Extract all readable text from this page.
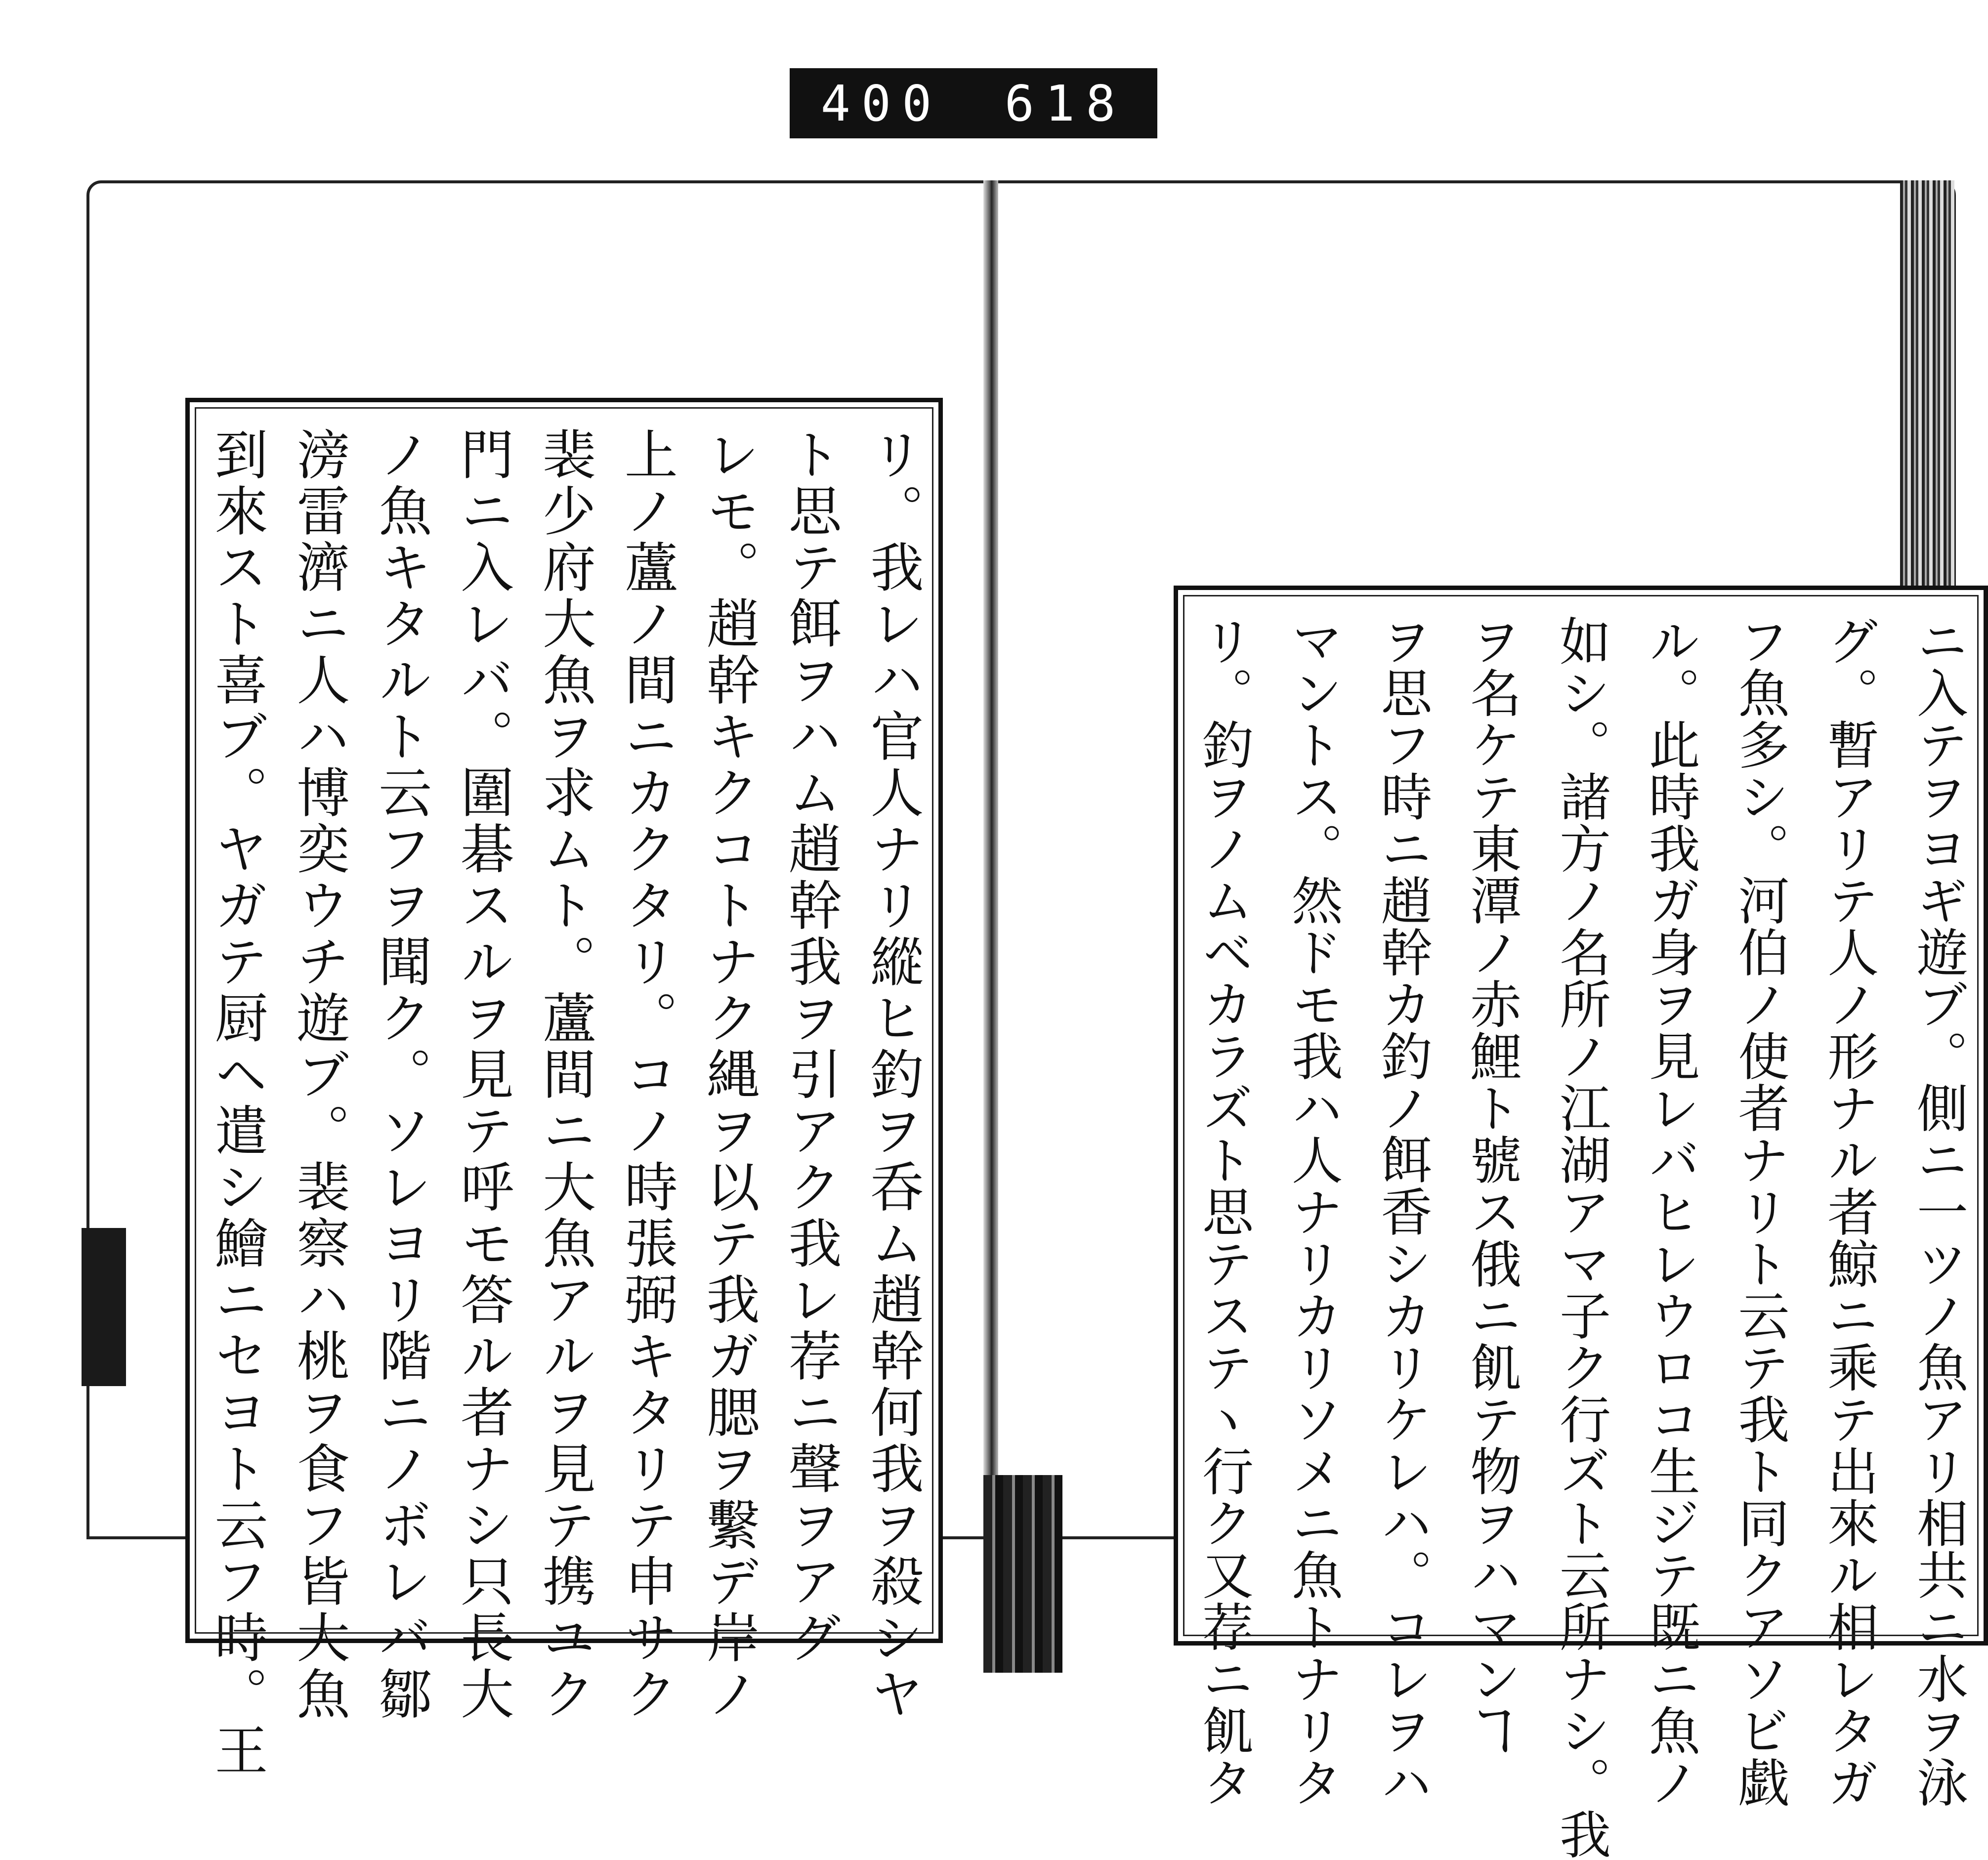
400 618
リ。我レハ官人ナリ縱ヒ釣ヲ呑ム趙幹何我ヲ殺シヤ
ト思テ餌ヲハム趙幹我ヲ引アク我レ荐ニ聲ヲアグ
レモ。趙幹キクコトナク縄ヲ以テ我ガ腮ヲ繫デ岸ノ
上ノ蘆ノ間ニカクタリ。コノ時張弼キタリテ申サク
裴少府大魚ヲ求ムト。蘆間ニ大魚アルヲ見テ携ユク
門ニ入レバ。圍碁スルヲ見テ呼モ答ル者ナシ只長大
ノ魚キタルト云フヲ聞ク。ソレヨリ階ニノボレバ鄒
滂雷濟ニ人ハ博奕ウチ遊ブ。裴察ハ桃ヲ食フ皆大魚
到來スト喜ブ。ヤガテ厨ヘ遣シ鱠ニセヨト云フ時。王	ニ入テヲヨギ遊ブ。側ニ一ツノ魚アリ相共ニ水ヲ泳
グ。暫アリテ人ノ形ナル者鯨ニ乘テ出來ル相レタガ
フ魚多シ。河伯ノ使者ナリト云テ我ト同クアソビ戯
ル。此時我ガ身ヲ見レバヒレウロコ生ジテ既ニ魚ノ
如シ。諸方ノ名所ノ江湖アマ子ク行ズト云所ナシ。我
ヲ名ケテ東潭ノ赤鯉ト號ス俄ニ飢テ物ヲハマンヿ
ヲ思フ時ニ趙幹カ釣ノ餌香シカリケレハ。コレヲハ
マントス。然ドモ我ハ人ナリカリソメニ魚トナリタ
リ。釣ヲノムベカラズト思テステヽ行ク又荐ニ飢タ
